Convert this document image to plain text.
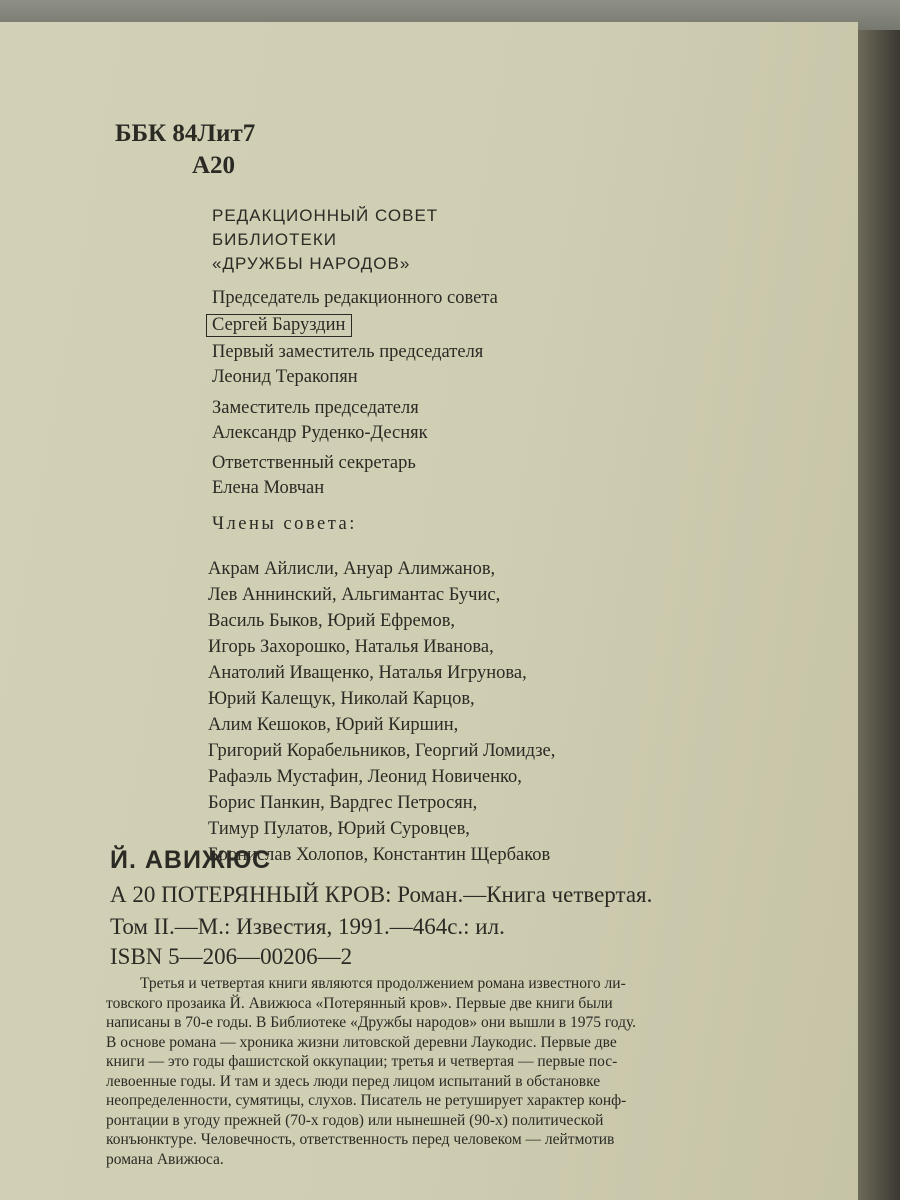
ББК 84Лит7
А20
РЕДАКЦИОННЫЙ СОВЕТ
БИБЛИОТЕКИ
«ДРУЖБЫ НАРОДОВ»
Председатель редакционного совета
Сергей Баруздин
Первый заместитель председателя
Леонид Теракопян
Заместитель председателя
Александр Руденко-Десняк
Ответственный секретарь
Елена Мовчан
Члены совета:
Акрам Айлисли, Ануар Алимжанов,
Лев Аннинский, Альгимантас Бучис,
Василь Быков, Юрий Ефремов,
Игорь Захорошко, Наталья Иванова,
Анатолий Иващенко, Наталья Игрунова,
Юрий Калещук, Николай Карцов,
Алим Кешоков, Юрий Киршин,
Григорий Корабельников, Георгий Ломидзе,
Рафаэль Мустафин, Леонид Новиченко,
Борис Панкин, Вардгес Петросян,
Тимур Пулатов, Юрий Суровцев,
Бронислав Холопов, Константин Щербаков
Й. АВИЖЮС
А 20 ПОТЕРЯННЫЙ КРОВ: Роман.—Книга четвертая.
Том II.—М.: Известия, 1991.—464с.: ил.
ISBN 5—206—00206—2
Третья и четвертая книги являются продолжением романа известного ли-
товского прозаика Й. Авижюса «Потерянный кров». Первые две книги были
написаны в 70-е годы. В Библиотеке «Дружбы народов» они вышли в 1975 году.
В основе романа — хроника жизни литовской деревни Лаукодис. Первые две
книги — это годы фашистской оккупации; третья и четвертая — первые пос-
левоенные годы. И там и здесь люди перед лицом испытаний в обстановке
неопределенности, сумятицы, слухов. Писатель не ретуширует характер конф-
ронтации в угоду прежней (70-х годов) или нынешней (90-х) политической
конъюнктуре. Человечность, ответственность перед человеком — лейтмотив
романа Авижюса.
